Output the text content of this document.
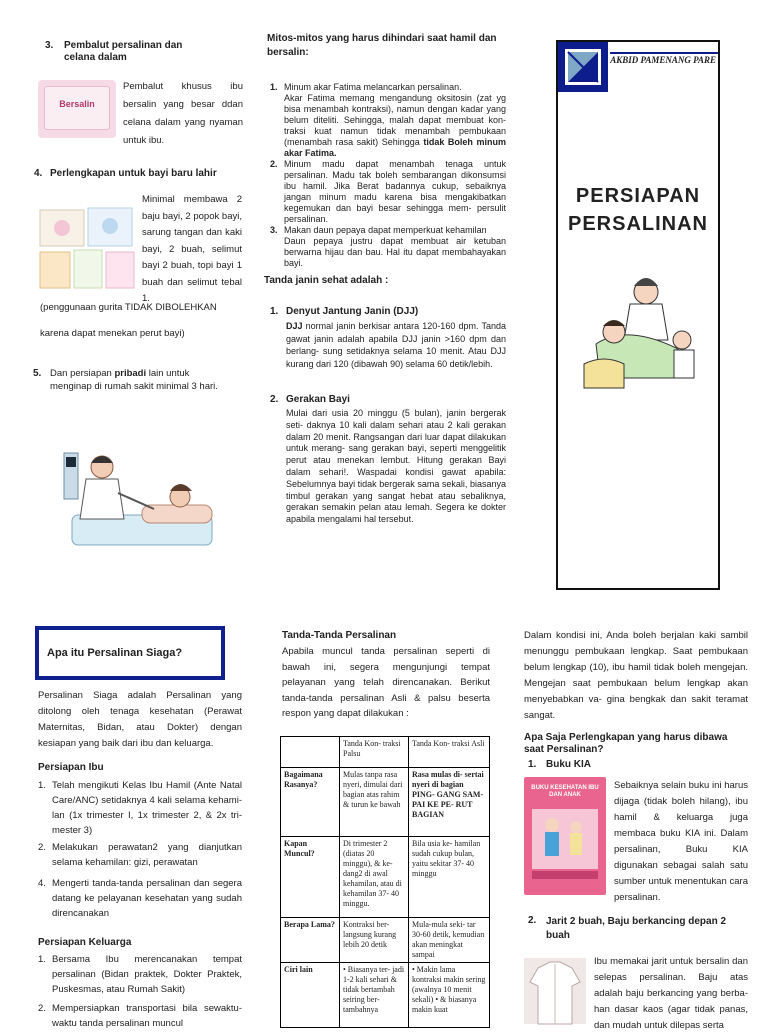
3. Pembalut persalinan dan celana dalam
Bersalin
Pembalut khusus ibu bersalin yang besar ddan celana dalam yang nyaman untuk ibu.
4. Perlengkapan untuk bayi baru lahir
Minimal membawa 2 baju bayi, 2 popok bayi, sarung tangan dan kaki bayi, 2 buah, selimut bayi 2 buah, topi bayi 1 buah dan selimut tebal 1.
(penggunaan gurita TIDAK DIBOLEHKAN
karena dapat menekan perut bayi)
5. Dan persiapan pribadi lain untuk menginap di rumah sakit minimal 3 hari.
Mitos-mitos yang harus dihindari saat hamil dan bersalin:
1. Minum akar Fatima melancarkan persalinan.
Akar Fatima memang mengandung oksitosin (zat yg bisa menambah kontraksi), namun dengan kadar yang belum diteliti. Sehingga, malah dapat membuat kon- traksi kuat namun tidak menambah pembukaan (menambah rasa sakit) Sehingga tidak Boleh minum akar Fatima.
2. Minum madu dapat menambah tenaga untuk persalinan. Madu tak boleh sembarangan dikonsumsi ibu hamil. Jika Berat badannya cukup, sebaiknya jangan minum madu karena bisa mengakibatkan kegemukan dan bayi besar sehingga mem- persulit persalinan.
3. Makan daun pepaya dapat memperkuat kehamilan
Daun pepaya justru dapat membuat air ketuban berwarna hijau dan bau. Hal itu dapat membahayakan bayi.
Tanda janin sehat adalah :
1. Denyut Jantung Janin (DJJ)
DJJ normal janin berkisar antara 120-160 dpm. Tanda gawat janin adalah apabila DJJ janin >160 dpm dan berlang- sung setidaknya selama 10 menit. Atau DJJ kurang dari 120 (dibawah 90) selama 60 detik/lebih.
2. Gerakan Bayi
Mulai dari usia 20 minggu (5 bulan), janin bergerak seti- daknya 10 kali dalam sehari atau 2 kali gerakan dalam 20 menit. Rangsangan dari luar dapat dilakukan untuk merang- sang gerakan bayi, seperti menggelitik perut atau menekan lembut. Hitung gerakan Bayi dalam sehari!. Waspadai kondisi gawat apabila: Sebelumnya bayi tidak bergerak sama sekali, biasanya timbul gerakan yang sangat hebat atau sebaliknya, gerakan semakin pelan atau lemah. Segera ke dokter apabila mengalami hal tersebut.
AKBID PAMENANG PARE
PERSIAPAN
PERSALINAN
Apa itu Persalinan Siaga?
Persalinan Siaga adalah Persalinan yang ditolong oleh tenaga kesehatan (Perawat Maternitas, Bidan, atau Dokter) dengan kesiapan yang baik dari ibu dan keluarga.
Persiapan Ibu
1. Telah mengikuti Kelas Ibu Hamil (Ante Natal Care/ANC) setidaknya 4 kali selama kehami- lan (1x trimester I, 1x trimester 2, & 2x tri- mester 3)
2. Melakukan perawatan2 yang dianjutkan selama kehamilan: gizi, perawatan
4. Mengerti tanda-tanda persalinan dan segera datang ke pelayanan kesehatan yang sudah direncanakan
Persiapan Keluarga
1. Bersama Ibu merencanakan tempat persalinan (Bidan praktek, Dokter Praktek, Puskesmas, atau Rumah Sakit)
2. Mempersiapkan transportasi bila sewaktu- waktu tanda persalinan muncul
Tanda-Tanda Persalinan
Apabila muncul tanda persalinan seperti di bawah ini, segera mengunjungi tempat pelayanan yang telah direncanakan. Berikut tanda-tanda persalinan Asli & palsu beserta respon yang dapat dilakukan :
	Tanda Kon- traksi Palsu	Tanda Kon- traksi Asli
Bagaimana Rasanya?	Mulas tanpa rasa nyeri, dimulai dari bagian atas rahim & turun ke bawah	Rasa mulas di- sertai nyeri di bagian PING- GANG SAM- PAI KE PE- RUT BAGIAN
Kapan Muncul?	Di trimester 2 (diatas 20 minggu), & ke- dang2 di awal kehamilan, atau di kehamilan 37- 40 minggu.	Bila usia ke- hamilan sudah cukup bulan, yaitu sekitar 37- 40 minggu
Berapa Lama?	Kontraksi ber- langsung kurang lebih 20 detik	Mula-mula seki- tar 30-60 detik, kemudian akan meningkat sampai
Ciri lain	• Biasanya ter- jadi 1-2 kali sehari & tidak bertambah seiring ber- tambahnya	• Makin lama kontraksi makin sering (awalnya 10 menit sekali) • & biasanya makin kuat
Dalam kondisi ini, Anda boleh berjalan kaki sambil menunggu pembukaan lengkap. Saat pembukaan belum lengkap (10), ibu hamil tidak boleh mengejan. Mengejan saat pembukaan belum lengkap akan menyebabkan va- gina bengkak dan sakit teramat sangat.
Apa Saja Perlengkapan yang harus dibawa saat Persalinan?
1. Buku KIA
BUKU KESEHATAN IBU DAN ANAK
Sebaiknya selain buku ini harus dijaga (tidak boleh hilang), ibu hamil & keluarga juga membaca buku KIA ini. Dalam persalinan, Buku KIA digunakan sebagai salah satu sumber untuk menentukan cara persalinan.
2. Jarit 2 buah, Baju berkancing depan 2 buah
Ibu memakai jarit untuk bersalin dan selepas persalinan. Baju atas adalah baju berkancing yang berba- han dasar kaos (agar tidak panas, dan mudah untuk dilepas serta
